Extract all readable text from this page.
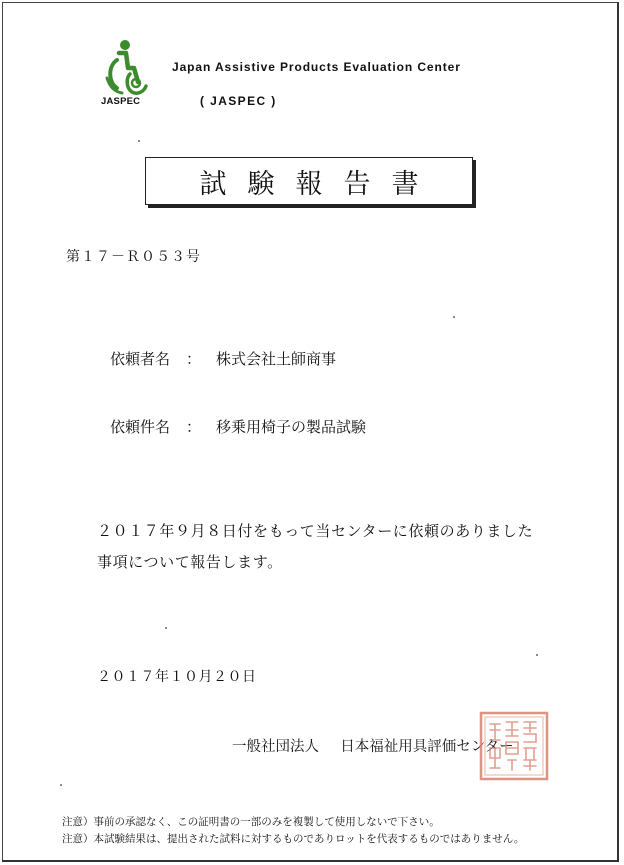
JASPEC
Japan Assistive Products Evaluation Center
( JASPEC )
試験報告書
第１７－Ｒ０５３号
依頼者名	： 株式会社土師商事
依頼件名	： 移乗用椅子の製品試験
２０１７年９月８日付をもって当センターに依頼のありました
事項について報告します。
２０１７年１０月２０日
一般社団法人 日本福祉用具評価センター
注意）事前の承認なく、この証明書の一部のみを複製して使用しないで下さい。
注意）本試験結果は、提出された試料に対するものでありロットを代表するものではありません。
